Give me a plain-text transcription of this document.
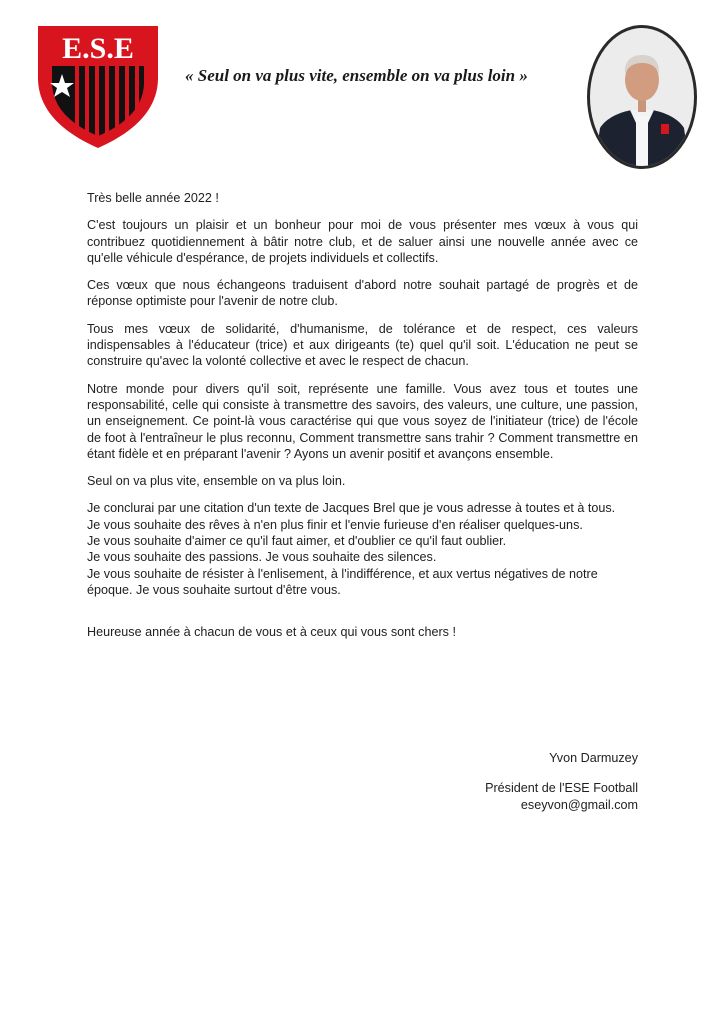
E.S.E
« Seul on va plus vite, ensemble on va plus loin »

Très belle année 2022 !

C'est toujours un plaisir et un bonheur pour moi de vous présenter mes vœux à vous qui contribuez quotidiennement à bâtir notre club, et de saluer ainsi une nouvelle année avec ce qu'elle véhicule d'espérance, de projets individuels et collectifs.

Ces vœux que nous échangeons traduisent d'abord notre souhait partagé de progrès et de réponse optimiste pour l'avenir de notre club.

Tous mes vœux de solidarité, d'humanisme, de tolérance et de respect, ces valeurs indispensables à l'éducateur (trice) et aux dirigeants (te) quel qu'il soit. L'éducation ne peut se construire qu'avec la volonté collective et avec le respect de chacun.

Notre monde pour divers qu'il soit, représente une famille. Vous avez tous et toutes une responsabilité, celle qui consiste à transmettre des savoirs, des valeurs, une culture, une passion, un enseignement. Ce point-là vous caractérise qui que vous soyez de l'initiateur (trice) de l'école de foot à l'entraîneur le plus reconnu, Comment transmettre sans trahir ? Comment transmettre en étant fidèle et en préparant l'avenir ? Ayons un avenir positif et avançons ensemble.

Seul on va plus vite, ensemble on va plus loin.

Je conclurai par une citation d'un texte de Jacques Brel que je vous adresse à toutes et à tous.
Je vous souhaite des rêves à n'en plus finir et l'envie furieuse d'en réaliser quelques-uns.
Je vous souhaite d'aimer ce qu'il faut aimer, et d'oublier ce qu'il faut oublier.
Je vous souhaite des passions. Je vous souhaite des silences.
Je vous souhaite de résister à l'enlisement, à l'indifférence, et aux vertus négatives de notre époque. Je vous souhaite surtout d'être vous.

Heureuse année à chacun de vous et à ceux qui vous sont chers !

Yvon Darmuzey
Président de l'ESE Football
eseyvon@gmail.com
